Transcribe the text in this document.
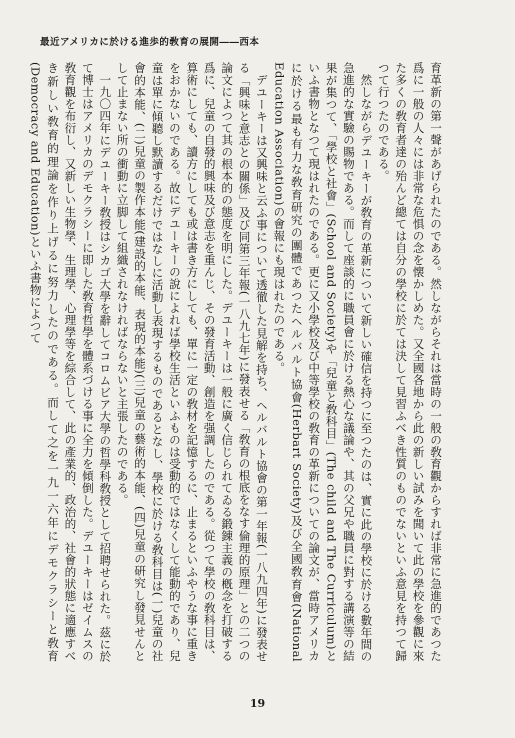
最近アメリカに於ける進歩的敎育の展開――西本

育革新の第一聲があげられたのである。然しながらそれは當時の一般の敎育觀からすれば非常に急進的であつた爲に一般の人々には非常な危惧の念を懐かしめた。又全國各地から此の新しい試みを聞いて此の學校を參觀に來た多くの敎育者達の殆んど總ては自分の學校に於ては決して見習ふべき性質のものでないといふ意見を持つて歸つて行つたのである。

然しながらデユーキーが敎育の革新について新しい確信を持つに至つたのは、實に此の學校に於ける數年間の急進的な實驗の賜物である。而して座談的に職員會に於ける熱心な議論や、其の父兄や職員に對する講演等の結果が集つて、「學校と社會」(School and Society)や「兒童と敎科目」(The child and The Curriculum)といふ書物となつて現はれたのである。更に又小學校及び中等學校の敎育の革新についての論文が、當時アメリカに於ける最も有力な敎育研究の團體であつたヘルバルト協會(Herbart Society)及び全國敎育會(National Education Association)の會報にも現はれたのである。

デユーキーは又興味と云ふ事について透徹した見解を持ち、ヘルバルト協會の第一年報(一八九四年)に發表せる「興味と意志との關係」及び同第三年報(一八九七年)に發表せる「敎育の根底をなす倫理的原理」との二つの論文によつて其の根本的の態度を明にした。デユーキーは一般に廣く信じられてゐる鍛錬主義の槪念を打破する爲に、兒童の自發的興味及び意志を重んじ、その發育活動、創造を强調したのである。從つて學校の敎科目は、算術にしても、讀方にしても或は書き方にしても、單に一定の敎材を記憶するに、止まるといふやうな事に重きをおかないのである。故にデユーキーの說によれば學校生活といふものは受動的ではなくして能動的であり、兒童は單に傾聽し默讀するだけではなしに活動し表現するものであるとなし、學校に於ける敎科目は(一)兒童の社會的本能、(二)兒童の製作本能(建設的本能、表現的本能)(三)兒童の藝術的本能、(四)兒童の硏究し發見せんとして止まない所の衝動に立脚して組織されなければならないと主張したのである。

一九〇四年にデユーキー敎授はシカゴ大學を辭してコロムビア大學の哲學科敎授として招聘せられた。茲に於て博士はアメリカのデモクラシーに即した敎育哲學を體系づける事に全力を傾倒した。デユーキーはゼイムスの敎育觀を布衍し、又新しい生物學、生理學、心理學等を綜合して、此の產業的、政治的、社會的狀態に適應すべき新しい敎育的理論を作り上げるに努力したのである。而して之を一九一六年にデモクラシーと敎育(Democracy and Education)といふ書物によつて

19
